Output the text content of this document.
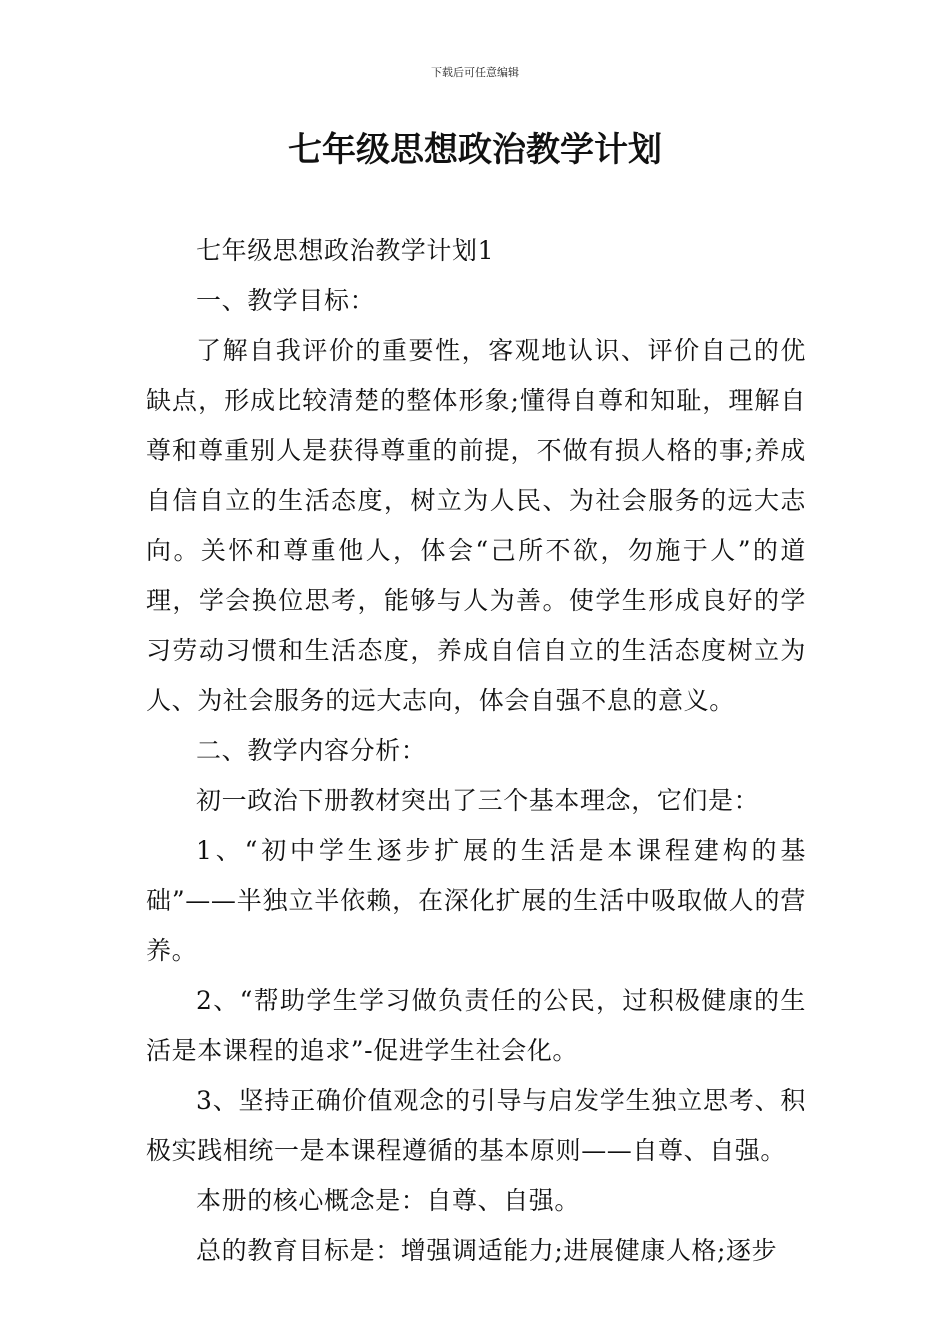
下载后可任意编辑
七年级思想政治教学计划

七年级思想政治教学计划1

一、教学目标：

了解自我评价的重要性，客观地认识、评价自己的优缺点，形成比较清楚的整体形象;懂得自尊和知耻，理解自尊和尊重别人是获得尊重的前提，不做有损人格的事;养成自信自立的生活态度，树立为人民、为社会服务的远大志向。关怀和尊重他人，体会“己所不欲，勿施于人”的道理，学会换位思考，能够与人为善。使学生形成良好的学习劳动习惯和生活态度，养成自信自立的生活态度树立为人、为社会服务的远大志向，体会自强不息的意义。

二、教学内容分析：

初一政治下册教材突出了三个基本理念，它们是：

1、“初中学生逐步扩展的生活是本课程建构的基础”——半独立半依赖，在深化扩展的生活中吸取做人的营养。

2、“帮助学生学习做负责任的公民，过积极健康的生活是本课程的追求”-促进学生社会化。

3、坚持正确价值观念的引导与启发学生独立思考、积极实践相统一是本课程遵循的基本原则——自尊、自强。

本册的核心概念是：自尊、自强。

总的教育目标是：增强调适能力;进展健康人格;逐步
